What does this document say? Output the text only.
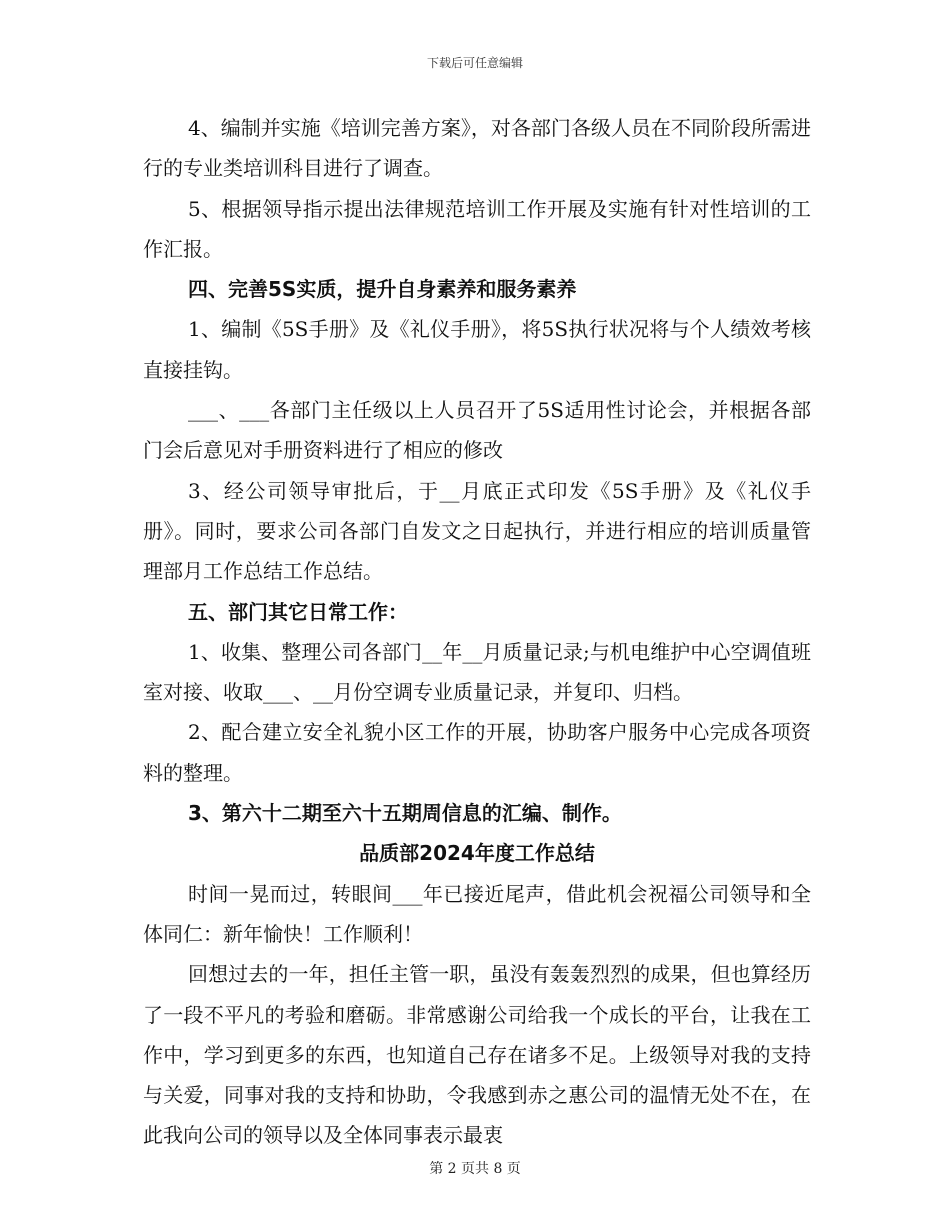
下载后可任意编辑

4、编制并实施《培训完善方案》，对各部门各级人员在不同阶段所需进行的专业类培训科目进行了调查。

5、根据领导指示提出法律规范培训工作开展及实施有针对性培训的工作汇报。

四、完善5S实质，提升自身素养和服务素养

1、编制《5S手册》及《礼仪手册》，将5S执行状况将与个人绩效考核直接挂钩。

___、___各部门主任级以上人员召开了5S适用性讨论会，并根据各部门会后意见对手册资料进行了相应的修改

3、经公司领导审批后，于__月底正式印发《5S手册》及《礼仪手册》。同时，要求公司各部门自发文之日起执行，并进行相应的培训质量管理部月工作总结工作总结。

五、部门其它日常工作：

1、收集、整理公司各部门__年__月质量记录;与机电维护中心空调值班室对接、收取___、__月份空调专业质量记录，并复印、归档。

2、配合建立安全礼貌小区工作的开展，协助客户服务中心完成各项资料的整理。

3、第六十二期至六十五期周信息的汇编、制作。

品质部2024年度工作总结

时间一晃而过，转眼间___年已接近尾声，借此机会祝福公司领导和全体同仁：新年愉快！工作顺利！

回想过去的一年，担任主管一职，虽没有轰轰烈烈的成果，但也算经历了一段不平凡的考验和磨砺。非常感谢公司给我一个成长的平台，让我在工作中，学习到更多的东西，也知道自己存在诸多不足。上级领导对我的支持与关爱，同事对我的支持和协助，令我感到赤之惠公司的温情无处不在，在此我向公司的领导以及全体同事表示最衷

第 2 页共 8 页
